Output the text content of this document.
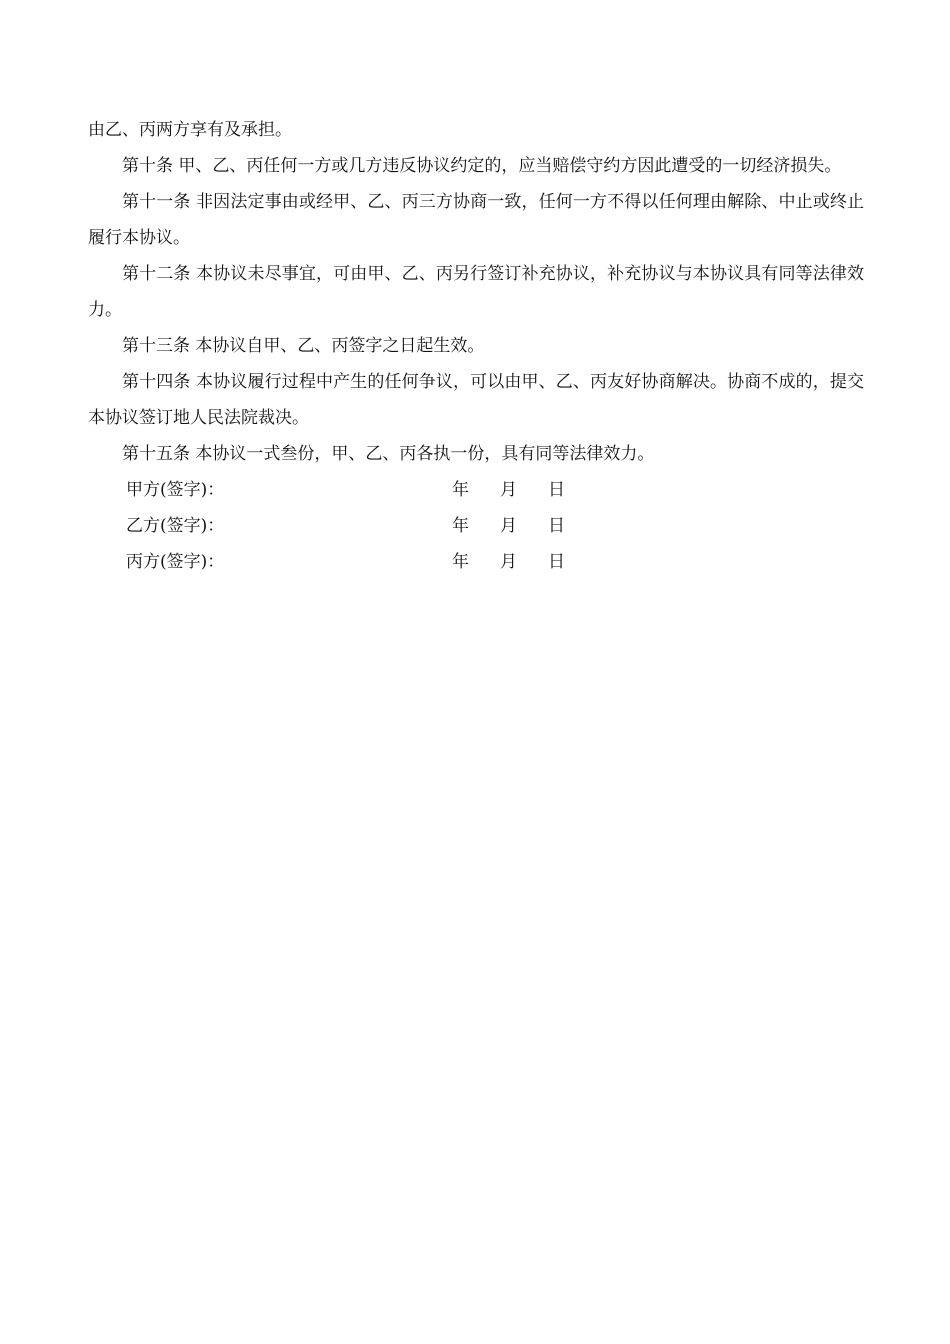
由乙、丙两方享有及承担。

第十条 甲、乙、丙任何一方或几方违反协议约定的，应当赔偿守约方因此遭受的一切经济损失。

第十一条 非因法定事由或经甲、乙、丙三方协商一致，任何一方不得以任何理由解除、中止或终止履行本协议。

第十二条 本协议未尽事宜，可由甲、乙、丙另行签订补充协议，补充协议与本协议具有同等法律效力。

第十三条 本协议自甲、乙、丙签字之日起生效。

第十四条 本协议履行过程中产生的任何争议，可以由甲、乙、丙友好协商解决。协商不成的，提交本协议签订地人民法院裁决。

第十五条 本协议一式叁份，甲、乙、丙各执一份，具有同等法律效力。

甲方(签字)：	年 月 日
乙方(签字)：	年 月 日
丙方(签字)：	年 月 日
